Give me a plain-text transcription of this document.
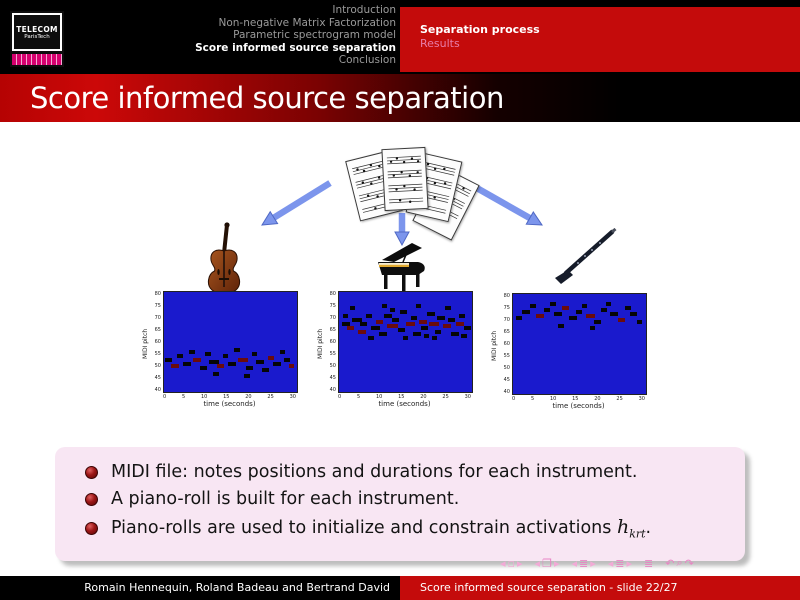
TELECOM
ParisTech
Introduction
Non-negative Matrix Factorization
Parametric spectrogram model
Score informed source separation
Conclusion
Separation process
Results
Score informed source separation
MIDI pitch
80
75
70
65
60
55
50
45
40
0	5	10	15	20	25	30
time (seconds)
MIDI pitch
80
75
70
65
60
55
50
45
40
0	5	10	15	20	25	30
time (seconds)
MIDI pitch
80
75
70
65
60
55
50
45
40
0	5	10	15	20	25	30
time (seconds)
MIDI file: notes positions and durations for each instrument.
A piano-roll is built for each instrument.
Piano-rolls are used to initialize and constrain activations $h_{krt}$.
◂ ▫ ▸ ◂ ❐ ▸ ◂ ≣ ▸ ◂ ≣ ▸ ≣ ↶ ⌕ ↷
Romain Hennequin, Roland Badeau and Bertrand David	Score informed source separation - slide 22/27
